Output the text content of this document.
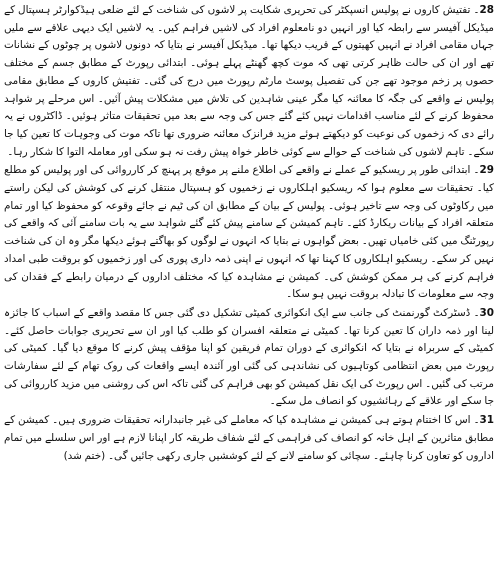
28۔ تفتیش کاروں نے پولیس انسپکٹر کی تحریری شکایت پر لاشوں کی شناخت کے لئے ضلعی ہیڈکوارٹر ہسپتال کے میڈیکل آفیسر سے رابطہ کیا اور انہیں دو نامعلوم افراد کی لاشیں فراہم کیں۔ یہ لاشیں ایک دیہی علاقے سے ملیں جہاں مقامی افراد نے انہیں کھیتوں کے قریب دیکھا تھا۔ میڈیکل آفیسر نے بتایا کہ دونوں لاشوں پر چوٹوں کے نشانات تھے اور ان کی حالت ظاہر کرتی تھی کہ موت کچھ گھنٹے پہلے ہوئی۔ ابتدائی رپورٹ کے مطابق جسم کے مختلف حصوں پر زخم موجود تھے جن کی تفصیل پوسٹ مارٹم رپورٹ میں درج کی گئی۔ تفتیش کاروں کے مطابق مقامی پولیس نے واقعے کی جگہ کا معائنہ کیا مگر عینی شاہدین کی تلاش میں مشکلات پیش آئیں۔ اس مرحلے پر شواہد محفوظ کرنے کے لئے مناسب اقدامات نہیں کئے گئے جس کی وجہ سے بعد میں تحقیقات متاثر ہوئیں۔ ڈاکٹروں نے یہ رائے دی کہ زخموں کی نوعیت کو دیکھتے ہوئے مزید فرانزک معائنہ ضروری تھا تاکہ موت کی وجوہات کا تعین کیا جا سکے۔ تاہم لاشوں کی شناخت کے حوالے سے کوئی خاطر خواہ پیش رفت نہ ہو سکی اور معاملہ التوا کا شکار رہا۔

29۔ ابتدائی طور پر ریسکیو کے عملے نے واقعے کی اطلاع ملنے پر موقع پر پہنچ کر کارروائی کی اور پولیس کو مطلع کیا۔ تحقیقات سے معلوم ہوا کہ ریسکیو اہلکاروں نے زخمیوں کو ہسپتال منتقل کرنے کی کوشش کی لیکن راستے میں رکاوٹوں کی وجہ سے تاخیر ہوئی۔ پولیس کے بیان کے مطابق ان کی ٹیم نے جائے وقوعہ کو محفوظ کیا اور تمام متعلقہ افراد کے بیانات ریکارڈ کئے۔ تاہم کمیشن کے سامنے پیش کئے گئے شواہد سے یہ بات سامنے آئی کہ واقعے کی رپورٹنگ میں کئی خامیاں تھیں۔ بعض گواہوں نے بتایا کہ انہوں نے لوگوں کو بھاگتے ہوئے دیکھا مگر وہ ان کی شناخت نہیں کر سکے۔ ریسکیو اہلکاروں کا کہنا تھا کہ انہوں نے اپنی ذمہ داری پوری کی اور زخمیوں کو بروقت طبی امداد فراہم کرنے کی ہر ممکن کوشش کی۔ کمیشن نے مشاہدہ کیا کہ مختلف اداروں کے درمیان رابطے کے فقدان کی وجہ سے معلومات کا تبادلہ بروقت نہیں ہو سکا۔

30۔ ڈسٹرکٹ گورنمنٹ کی جانب سے ایک انکوائری کمیٹی تشکیل دی گئی جس کا مقصد واقعے کے اسباب کا جائزہ لینا اور ذمہ داران کا تعین کرنا تھا۔ کمیٹی نے متعلقہ افسران کو طلب کیا اور ان سے تحریری جوابات حاصل کئے۔ کمیٹی کے سربراہ نے بتایا کہ انکوائری کے دوران تمام فریقین کو اپنا مؤقف پیش کرنے کا موقع دیا گیا۔ کمیٹی کی رپورٹ میں بعض انتظامی کوتاہیوں کی نشاندہی کی گئی اور آئندہ ایسے واقعات کی روک تھام کے لئے سفارشات مرتب کی گئیں۔ اس رپورٹ کی ایک نقل کمیشن کو بھی فراہم کی گئی تاکہ اس کی روشنی میں مزید کارروائی کی جا سکے اور علاقے کے رہائشیوں کو انصاف مل سکے۔

31۔ اس کا اختتام ہوتے ہی کمیشن نے مشاہدہ کیا کہ معاملے کی غیر جانبدارانہ تحقیقات ضروری ہیں۔ کمیشن کے مطابق متاثرین کے اہل خانہ کو انصاف کی فراہمی کے لئے شفاف طریقہ کار اپنانا لازم ہے اور اس سلسلے میں تمام اداروں کو تعاون کرنا چاہئے۔ سچائی کو سامنے لانے کے لئے کوششیں جاری رکھی جائیں گی۔ (ختم شد)
